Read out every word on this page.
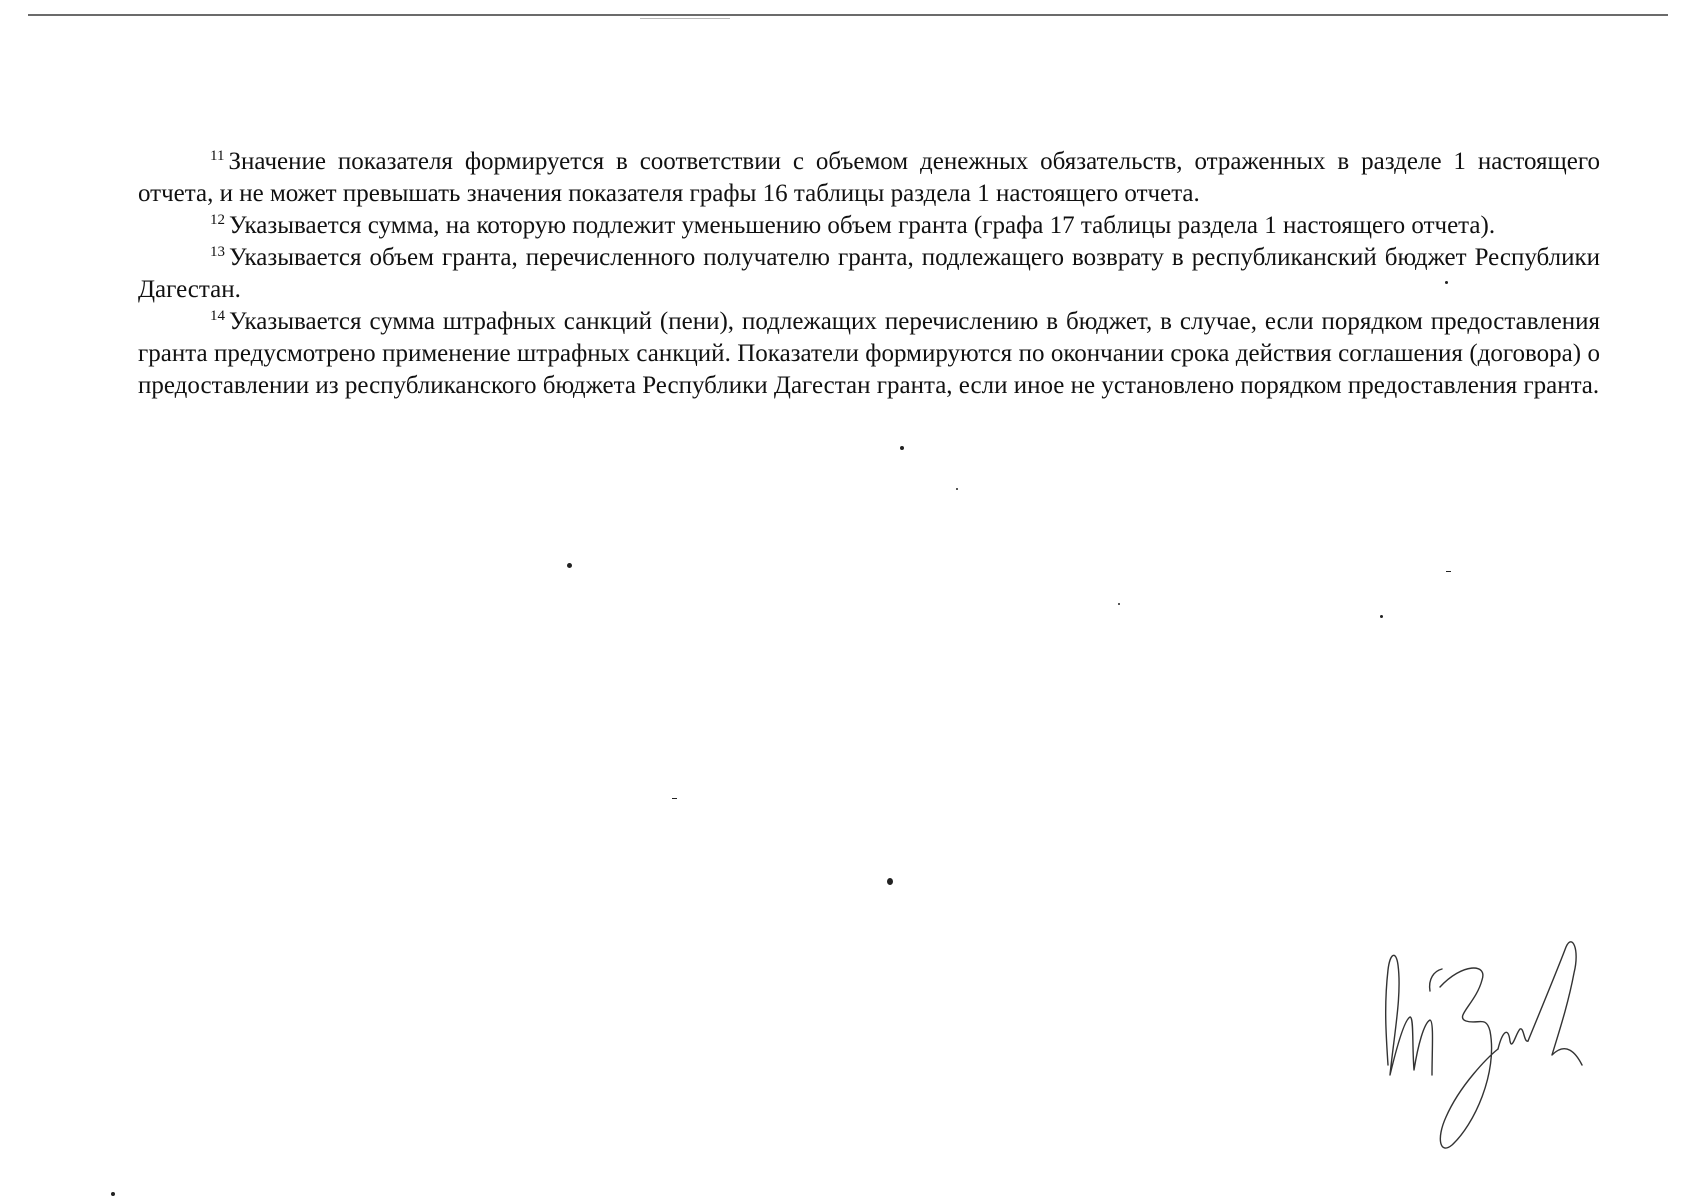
$^{11}$ Значение показателя формируется в соответствии с объемом денежных обязательств, отраженных в разделе 1 настоящего отчета, и не может превышать значения показателя графы 16 таблицы раздела 1 настоящего отчета.

$^{12}$ Указывается сумма, на которую подлежит уменьшению объем гранта (графа 17 таблицы раздела 1 настоящего отчета).

$^{13}$ Указывается объем гранта, перечисленного получателю гранта, подлежащего возврату в республиканский бюджет Республики Дагестан.

$^{14}$ Указывается сумма штрафных санкций (пени), подлежащих перечислению в бюджет, в случае, если порядком предоставления гранта предусмотрено применение штрафных санкций. Показатели формируются по окончании срока действия соглашения (договора) о предоставлении из республиканского бюджета Республики Дагестан гранта, если иное не установлено порядком предоставления гранта.
